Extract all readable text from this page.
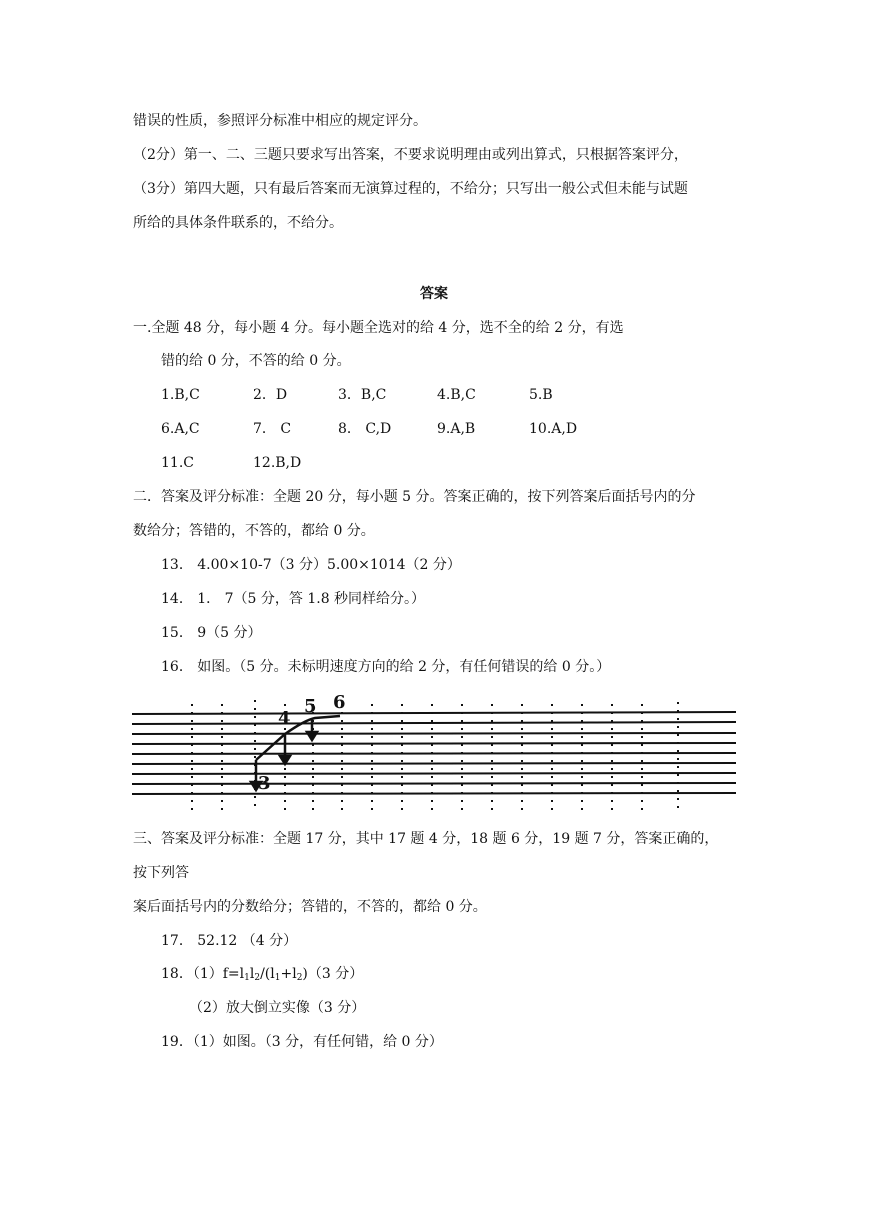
错误的性质，参照评分标准中相应的规定评分。
（2分）第一、二、三题只要求写出答案，不要求说明理由或列出算式，只根据答案评分，
（3分）第四大题，只有最后答案而无演算过程的，不给分；只写出一般公式但未能与试题
所给的具体条件联系的，不给分。
答案
一.全题 48 分，每小题 4 分。每小题全选对的给 4 分，选不全的给 2 分，有选
错的给 0 分，不答的给 0 分。
1.B,C	2．D	3．B,C	4.B,C	5.B
6.A,C	7． C	8． C,D	9.A,B	10.A,D
11.C	12.B,D
二．答案及评分标准：全题 20 分，每小题 5 分。答案正确的，按下列答案后面括号内的分
数给分；答错的，不答的，都给 0 分。
13． 4.00×10-7（3 分）5.00×1014（2 分）
14． 1． 7（5 分，答 1.8 秒同样给分。）
15． 9（5 分）
16． 如图。（5 分。未标明速度方向的给 2 分，有任何错误的给 0 分。）
3
4
5 6
三、答案及评分标准：全题 17 分，其中 17 题 4 分，18 题 6 分，19 题 7 分，答案正确的，
按下列答
案后面括号内的分数给分；答错的，不答的，都给 0 分。
17． 52.12 （4 分）
18．$(1)f=l_1l_2/(l_1+l_2)(3$ 分）
（2）放大倒立实像（3 分）
19．（1）如图。（3 分，有任何错，给 0 分）
